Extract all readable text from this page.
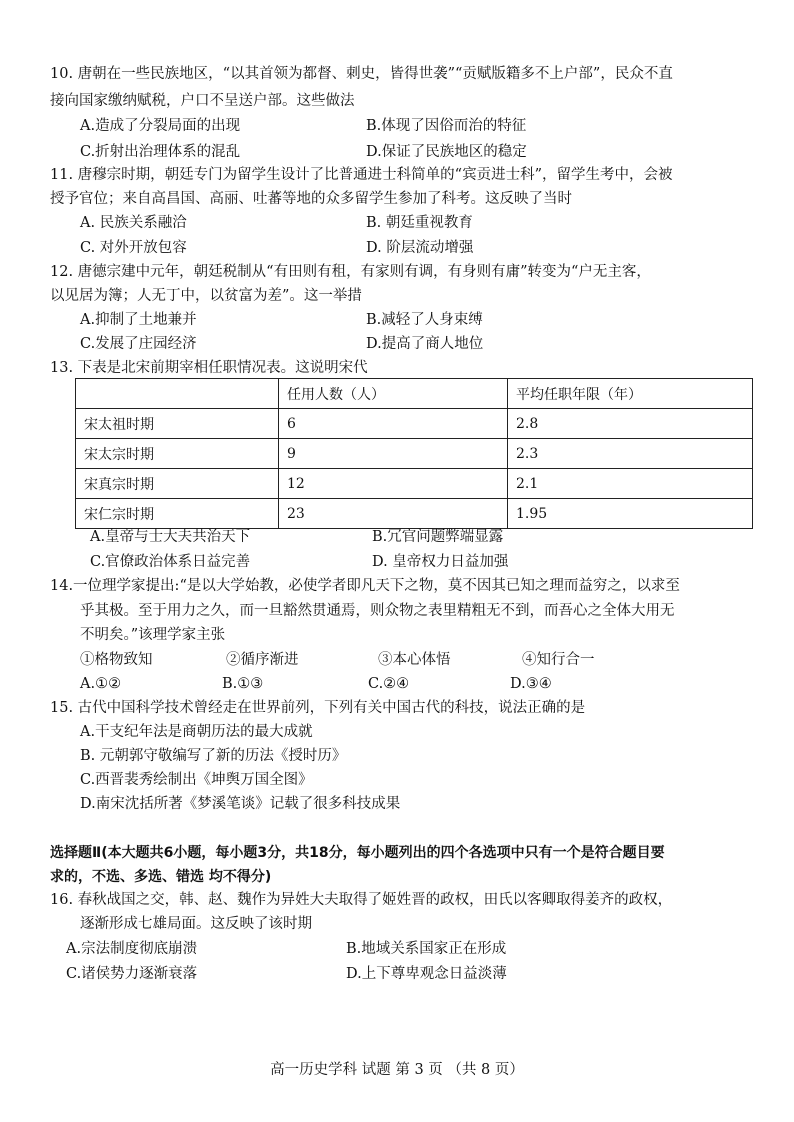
10. 唐朝在一些民族地区，“以其首领为都督、刺史，皆得世袭”“贡赋版籍多不上户部”，民众不直
接向国家缴纳赋税，户口不呈送户部。这些做法
A.造成了分裂局面的出现	B.体现了因俗而治的特征
C.折射出治理体系的混乱	D.保证了民族地区的稳定
11. 唐穆宗时期，朝廷专门为留学生设计了比普通进士科简单的“宾贡进士科”，留学生考中，会被
授予官位；来自高昌国、高丽、吐蕃等地的众多留学生参加了科考。这反映了当时
A. 民族关系融洽	B. 朝廷重视教育
C. 对外开放包容	D. 阶层流动增强
12. 唐德宗建中元年，朝廷税制从“有田则有租，有家则有调，有身则有庸”转变为“户无主客，
以见居为簿；人无丁中，以贫富为差”。这一举措
A.抑制了土地兼并	B.减轻了人身束缚
C.发展了庄园经济	D.提高了商人地位
13. 下表是北宋前期宰相任职情况表。这说明宋代
	任用人数（人）	平均任职年限（年）
宋太祖时期	6	2.8
宋太宗时期	9	2.3
宋真宗时期	12	2.1
宋仁宗时期	23	1.95
A.皇帝与士大夫共治天下	B.冗官问题弊端显露
C.官僚政治体系日益完善	D. 皇帝权力日益加强
14.一位理学家提出:“是以大学始教，必使学者即凡天下之物，莫不因其已知之理而益穷之，以求至
乎其极。至于用力之久，而一旦豁然贯通焉，则众物之表里精粗无不到，而吾心之全体大用无
不明矣。”该理学家主张
①格物致知	②循序渐进	③本心体悟	④知行合一
A.①②	B.①③	C.②④	D.③④
15. 古代中国科学技术曾经走在世界前列，下列有关中国古代的科技，说法正确的是
A.干支纪年法是商朝历法的最大成就
B. 元朝郭守敬编写了新的历法《授时历》
C.西晋裴秀绘制出《坤舆万国全图》
D.南宋沈括所著《梦溪笔谈》记载了很多科技成果
选择题Ⅱ(本大题共6小题，每小题3分，共18分，每小题列出的四个各选项中只有一个是符合题目要
求的，不选、多选、错选 均不得分)
16. 春秋战国之交，韩、赵、魏作为异姓大夫取得了姬姓晋的政权，田氏以客卿取得姜齐的政权，
逐渐形成七雄局面。这反映了该时期
A.宗法制度彻底崩溃	B.地域关系国家正在形成
C.诸侯势力逐渐衰落	D.上下尊卑观念日益淡薄
高一历史学科 试题 第 3 页 （共 8 页）
